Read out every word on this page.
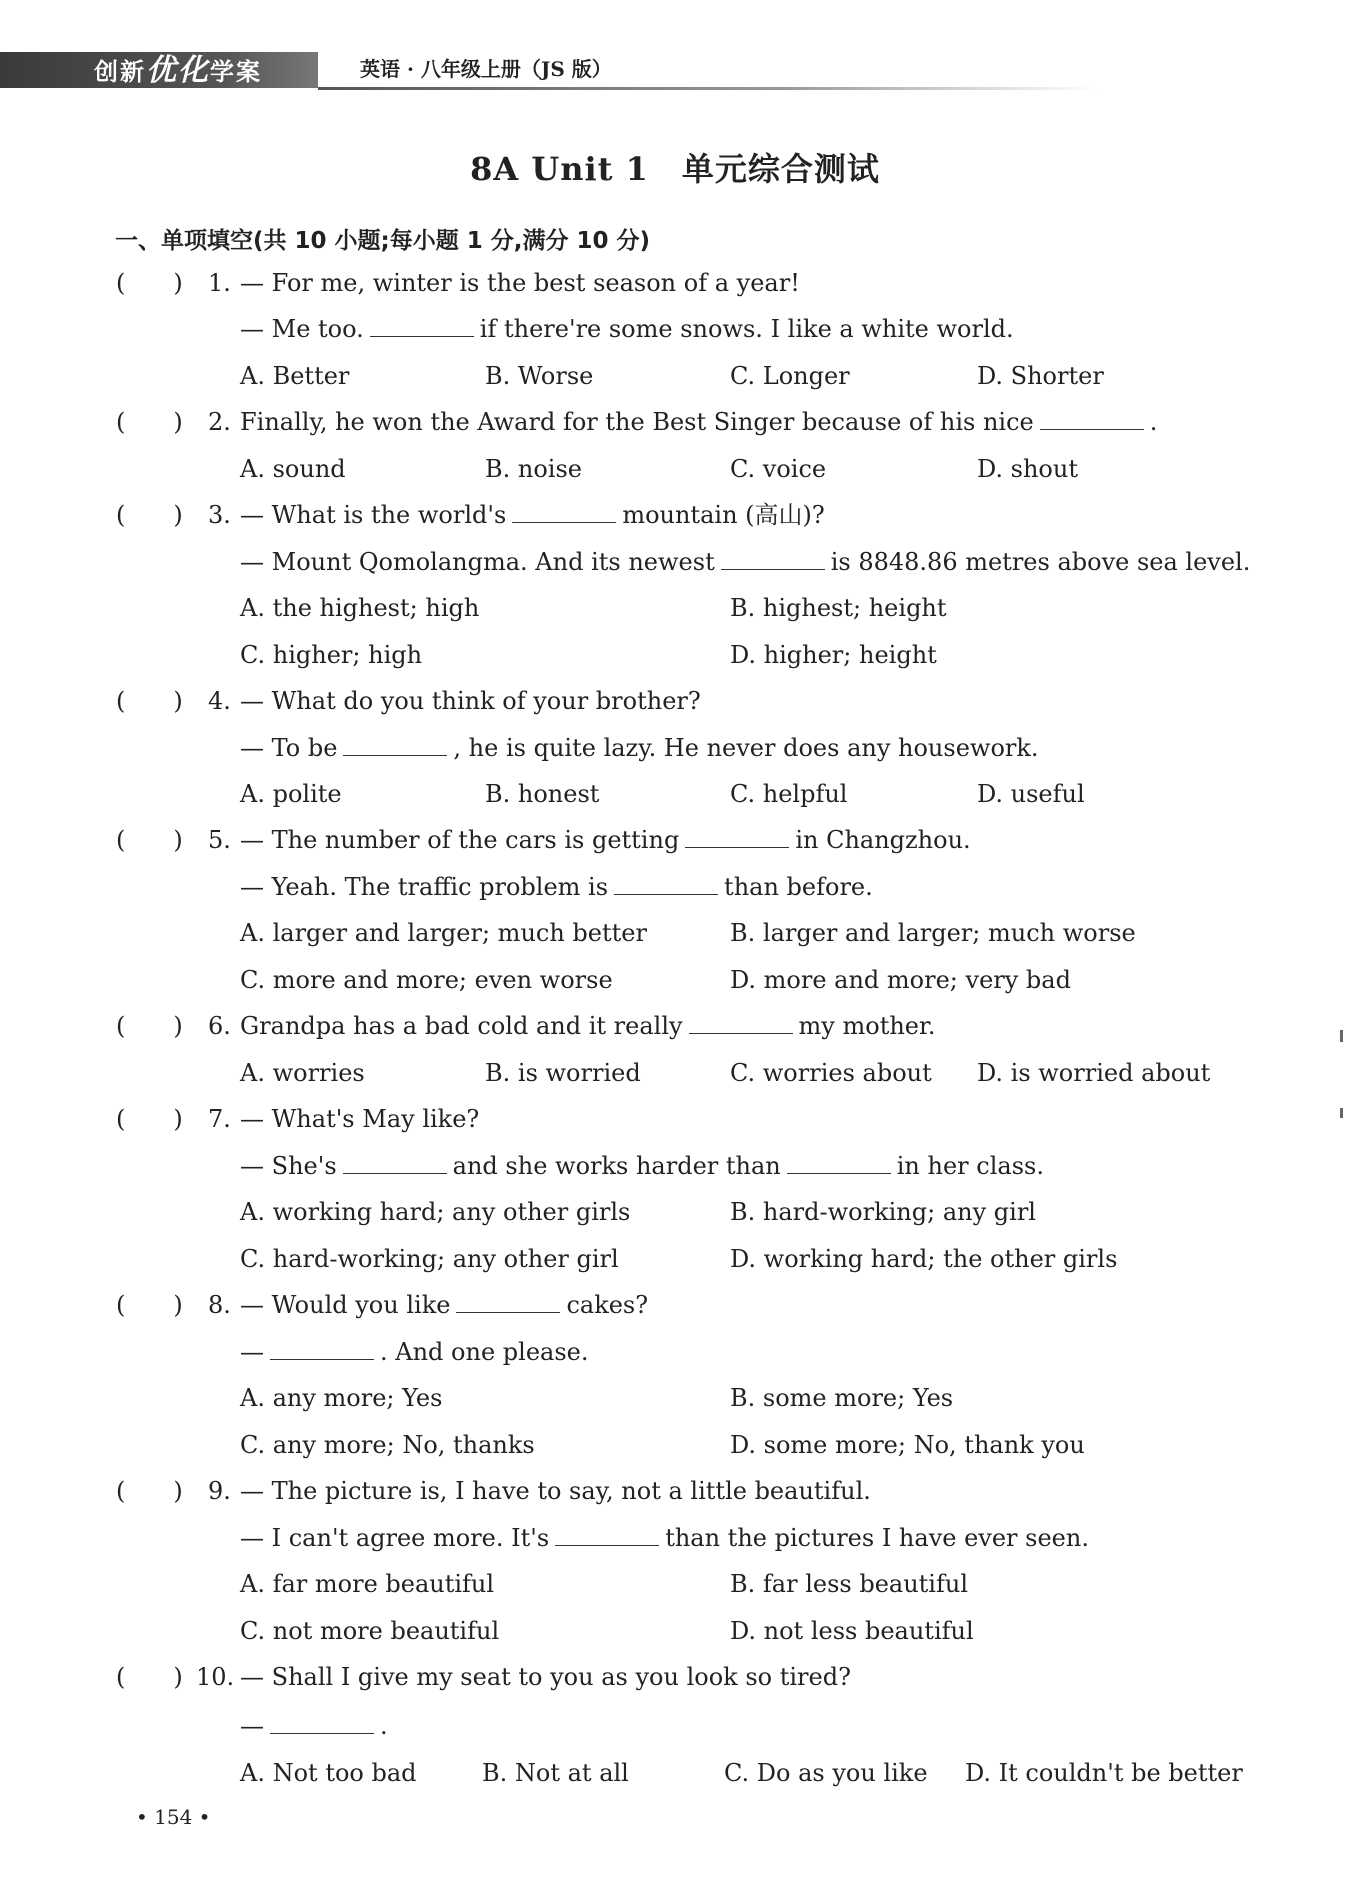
创新优化学案	英语 · 八年级上册（JS 版）
8A Unit 1　单元综合测试
一、单项填空(共 10 小题;每小题 1 分,满分 10 分)
(　　) 1. — For me, winter is the best season of a year!
— Me too.	if there're some snows. I like a white world.
A. Better	B. Worse	C. Longer	D. Shorter
(　　) 2. Finally, he won the Award for the Best Singer because of his nice	.
A. sound	B. noise	C. voice	D. shout
(　　) 3. — What is the world's	mountain (高山)?
— Mount Qomolangma. And its newest	is 8848.86 metres above sea level.
A. the highest; high	B. highest; height
C. higher; high	D. higher; height
(　　) 4. — What do you think of your brother?
— To be	, he is quite lazy. He never does any housework.
A. polite	B. honest	C. helpful	D. useful
(　　) 5. — The number of the cars is getting	in Changzhou.
— Yeah. The traffic problem is	than before.
A. larger and larger; much better	B. larger and larger; much worse
C. more and more; even worse	D. more and more; very bad
(　　) 6. Grandpa has a bad cold and it really	my mother.
A. worries	B. is worried	C. worries about D. is worried about
(　　) 7. — What's May like?
— She's	and she works harder than	in her class.
A. working hard; any other girls	B. hard-working; any girl
C. hard-working; any other girl	D. working hard; the other girls
(　　) 8. — Would you like	cakes?
—	. And one please.
A. any more; Yes	B. some more; Yes
C. any more; No, thanks	D. some more; No, thank you
(　　) 9. — The picture is, I have to say, not a little beautiful.
— I can't agree more. It's	than the pictures I have ever seen.
A. far more beautiful	B. far less beautiful
C. not more beautiful	D. not less beautiful
(　　) 10. — Shall I give my seat to you as you look so tired?
—	.
A. Not too bad	B. Not at all	C. Do as you like D. It couldn't be better
• 154 •
